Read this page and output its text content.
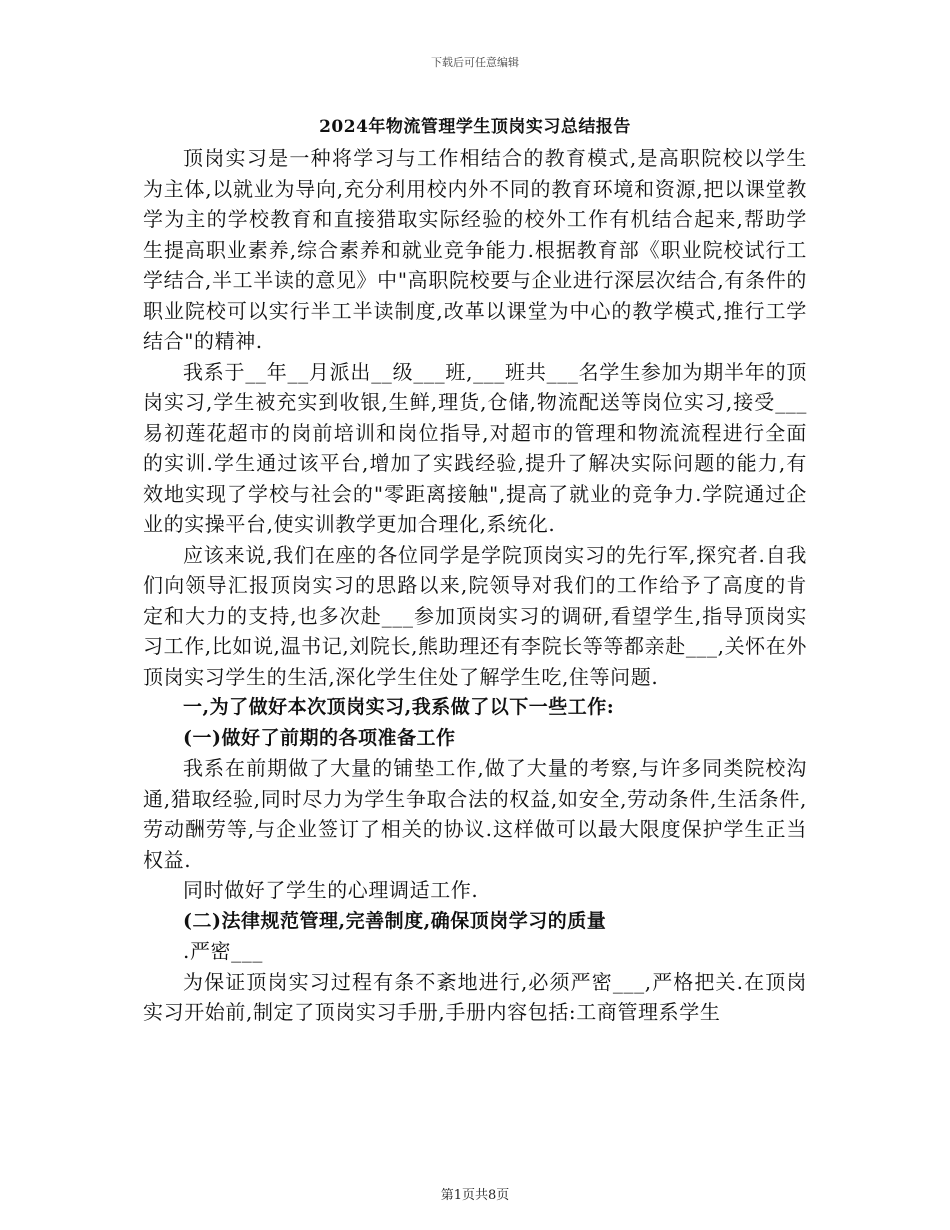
下载后可任意编辑
2024年物流管理学生顶岗实习总结报告

顶岗实习是一种将学习与工作相结合的教育模式,是高职院校以学生为主体,以就业为导向,充分利用校内外不同的教育环境和资源,把以课堂教学为主的学校教育和直接猎取实际经验的校外工作有机结合起来,帮助学生提高职业素养,综合素养和就业竞争能力.根据教育部《职业院校试行工学结合,半工半读的意见》中"高职院校要与企业进行深层次结合,有条件的职业院校可以实行半工半读制度,改革以课堂为中心的教学模式,推行工学结合"的精神.

我系于__年__月派出__级___班,___班共___名学生参加为期半年的顶岗实习,学生被充实到收银,生鲜,理货,仓储,物流配送等岗位实习,接受___易初莲花超市的岗前培训和岗位指导,对超市的管理和物流流程进行全面的实训.学生通过该平台,增加了实践经验,提升了解决实际问题的能力,有效地实现了学校与社会的"零距离接触",提高了就业的竞争力.学院通过企业的实操平台,使实训教学更加合理化,系统化.

应该来说,我们在座的各位同学是学院顶岗实习的先行军,探究者.自我们向领导汇报顶岗实习的思路以来,院领导对我们的工作给予了高度的肯定和大力的支持,也多次赴___参加顶岗实习的调研,看望学生,指导顶岗实习工作,比如说,温书记,刘院长,熊助理还有李院长等等都亲赴___,关怀在外顶岗实习学生的生活,深化学生住处了解学生吃,住等问题.

一,为了做好本次顶岗实习,我系做了以下一些工作:

(一)做好了前期的各项准备工作

我系在前期做了大量的铺垫工作,做了大量的考察,与许多同类院校沟通,猎取经验,同时尽力为学生争取合法的权益,如安全,劳动条件,生活条件,劳动酬劳等,与企业签订了相关的协议.这样做可以最大限度保护学生正当权益.

同时做好了学生的心理调适工作.

(二)法律规范管理,完善制度,确保顶岗学习的质量

.严密___

为保证顶岗实习过程有条不紊地进行,必须严密___,严格把关.在顶岗实习开始前,制定了顶岗实习手册,手册内容包括:工商管理系学生

第1页共8页
